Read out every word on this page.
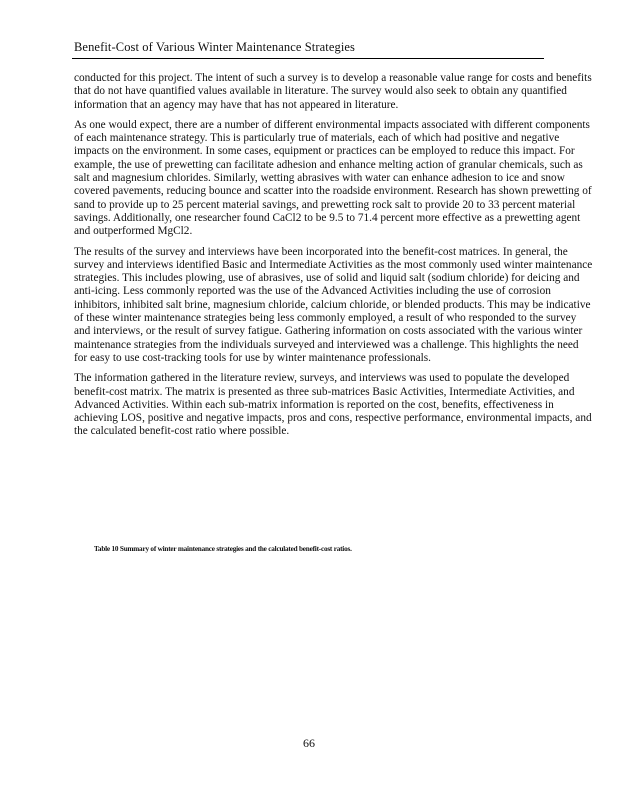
Benefit-Cost of Various Winter Maintenance Strategies

conducted for this project. The intent of such a survey is to develop a reasonable value range for costs and benefits that do not have quantified values available in literature. The survey would also seek to obtain any quantified information that an agency may have that has not appeared in literature.

As one would expect, there are a number of different environmental impacts associated with different components of each maintenance strategy. This is particularly true of materials, each of which had positive and negative impacts on the environment. In some cases, equipment or practices can be employed to reduce this impact. For example, the use of prewetting can facilitate adhesion and enhance melting action of granular chemicals, such as salt and magnesium chlorides. Similarly, wetting abrasives with water can enhance adhesion to ice and snow covered pavements, reducing bounce and scatter into the roadside environment. Research has shown prewetting of sand to provide up to 25 percent material savings, and prewetting rock salt to provide 20 to 33 percent material savings. Additionally, one researcher found CaCl2 to be 9.5 to 71.4 percent more effective as a prewetting agent and outperformed MgCl2.

The results of the survey and interviews have been incorporated into the benefit-cost matrices. In general, the survey and interviews identified Basic and Intermediate Activities as the most commonly used winter maintenance strategies. This includes plowing, use of abrasives, use of solid and liquid salt (sodium chloride) for deicing and anti-icing. Less commonly reported was the use of the Advanced Activities including the use of corrosion inhibitors, inhibited salt brine, magnesium chloride, calcium chloride, or blended products. This may be indicative of these winter maintenance strategies being less commonly employed, a result of who responded to the survey and interviews, or the result of survey fatigue. Gathering information on costs associated with the various winter maintenance strategies from the individuals surveyed and interviewed was a challenge. This highlights the need for easy to use cost-tracking tools for use by winter maintenance professionals.

The information gathered in the literature review, surveys, and interviews was used to populate the developed benefit-cost matrix. The matrix is presented as three sub-matrices Basic Activities, Intermediate Activities, and Advanced Activities. Within each sub-matrix information is reported on the cost, benefits, effectiveness in achieving LOS, positive and negative impacts, pros and cons, respective performance, environmental impacts, and the calculated benefit-cost ratio where possible.

Table 10 Summary of winter maintenance strategies and the calculated benefit-cost ratios.
66
